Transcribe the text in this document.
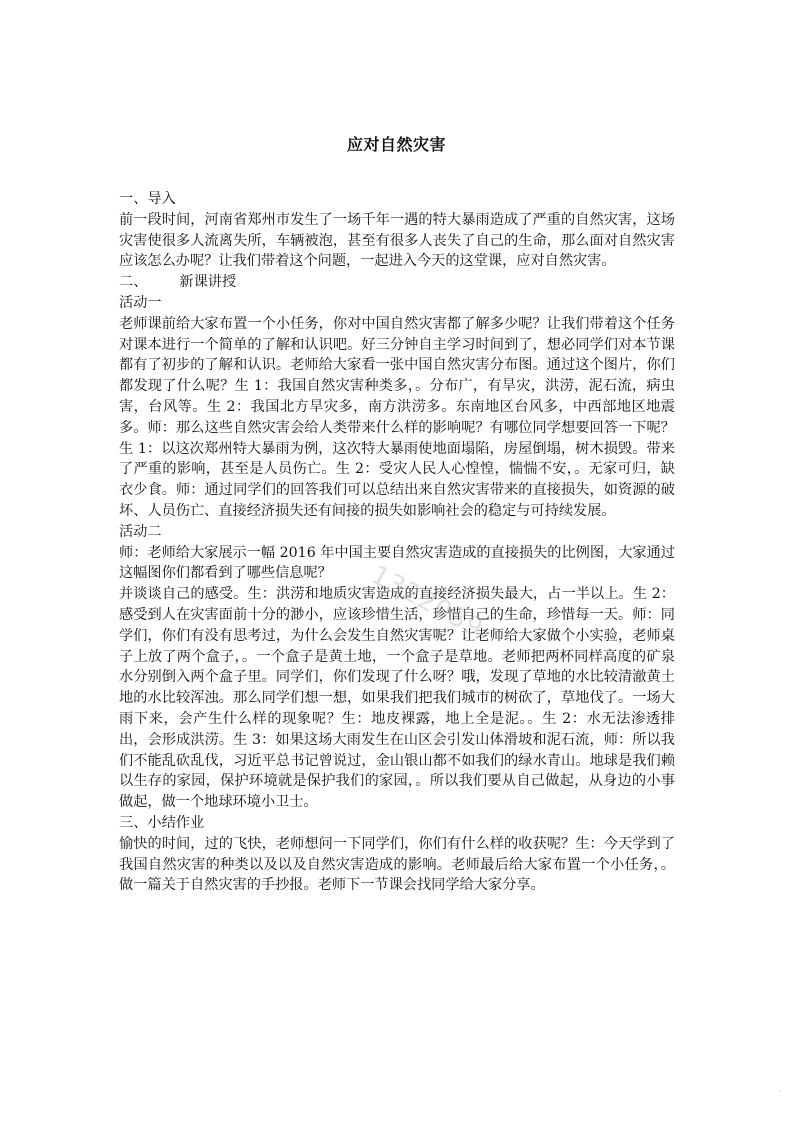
应对自然灾害

一、导入

前一段时间，河南省郑州市发生了一场千年一遇的特大暴雨造成了严重的自然灾害，这场灾害使很多人流离失所，车辆被泡，甚至有很多人丧失了自己的生命，那么面对自然灾害应该怎么办呢？让我们带着这个问题，一起进入今天的这堂课，应对自然灾害。

二、 新课讲授

活动一

老师课前给大家布置一个小任务，你对中国自然灾害都了解多少呢？让我们带着这个任务对课本进行一个简单的了解和认识吧。好三分钟自主学习时间到了，想必同学们对本节课都有了初步的了解和认识。老师给大家看一张中国自然灾害分布图。通过这个图片，你们都发现了什么呢？生 1：我国自然灾害种类多，。分布广，有旱灾，洪涝，泥石流，病虫害，台风等。生 2：我国北方旱灾多，南方洪涝多。东南地区台风多，中西部地区地震多。师：那么这些自然灾害会给人类带来什么样的影响呢？有哪位同学想要回答一下呢？生 1：以这次郑州特大暴雨为例，这次特大暴雨使地面塌陷，房屋倒塌，树木损毁。带来了严重的影响，甚至是人员伤亡。生 2：受灾人民人心惶惶，惴惴不安，。无家可归，缺衣少食。师：通过同学们的回答我们可以总结出来自然灾害带来的直接损失，如资源的破坏、人员伤亡、直接经济损失还有间接的损失如影响社会的稳定与可持续发展。

活动二

师：老师给大家展示一幅 2016 年中国主要自然灾害造成的直接损失的比例图，大家通过这幅图你们都看到了哪些信息呢？

并谈谈自己的感受。生：洪涝和地质灾害造成的直接经济损失最大，占一半以上。生 2：感受到人在灾害面前十分的渺小，应该珍惜生活，珍惜自己的生命，珍惜每一天。师：同学们，你们有没有思考过，为什么会发生自然灾害呢？让老师给大家做个小实验，老师桌子上放了两个盒子，。一个盒子是黄土地，一个盒子是草地。老师把两杯同样高度的矿泉水分别倒入两个盒子里。同学们，你们发现了什么呀？哦，发现了草地的水比较清澈黄土地的水比较浑浊。那么同学们想一想，如果我们把我们城市的树砍了，草地伐了。一场大雨下来，会产生什么样的现象呢？生：地皮裸露，地上全是泥。。生 2：水无法渗透排出，会形成洪涝。生 3：如果这场大雨发生在山区会引发山体滑坡和泥石流，师：所以我们不能乱砍乱伐，习近平总书记曾说过，金山银山都不如我们的绿水青山。地球是我们赖以生存的家园，保护环境就是保护我们的家园，。所以我们要从自己做起，从身边的小事做起，做一个地球环境小卫士。

三、小结作业

愉快的时间，过的飞快，老师想问一下同学们，你们有什么样的收获呢？生：今天学到了我国自然灾害的种类以及以及自然灾害造成的影响。老师最后给大家布置一个小任务，。做一篇关于自然灾害的手抄报。老师下一节课会找同学给大家分享。

1322039
′
